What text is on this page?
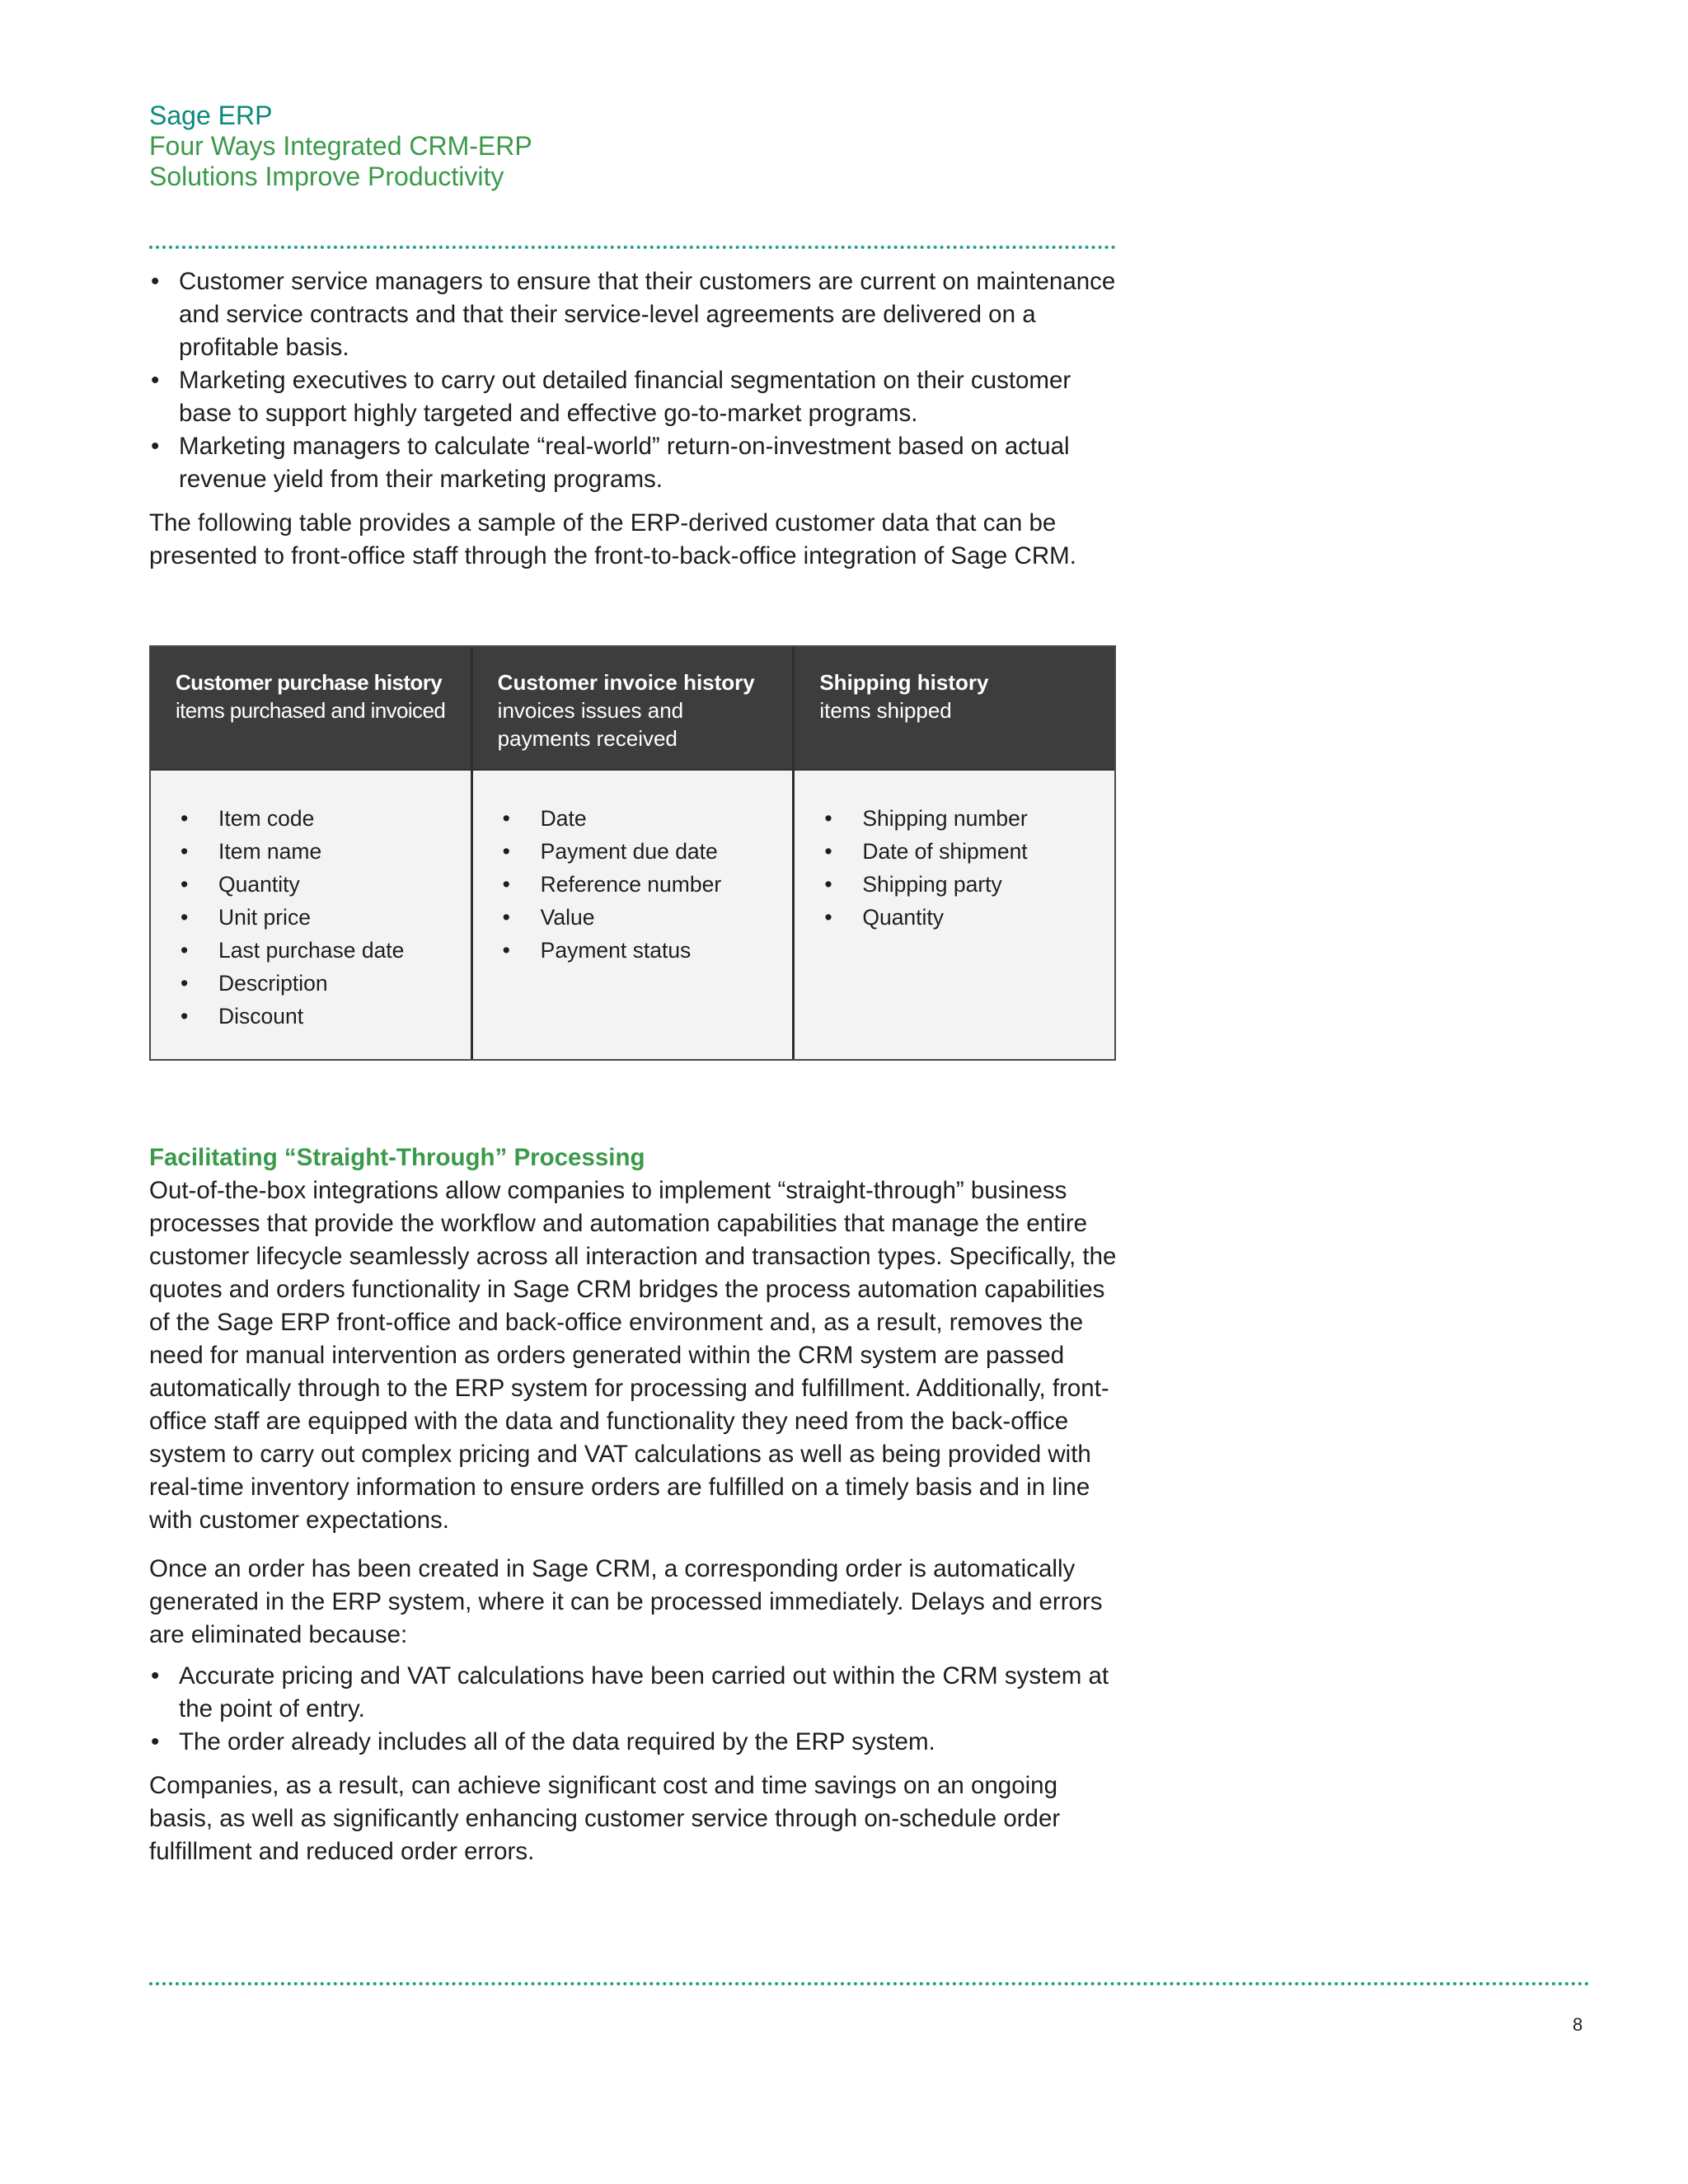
Sage ERP
Four Ways Integrated CRM-ERP
Solutions Improve Productivity
• Customer service managers to ensure that their customers are current on maintenance and service contracts and that their service-level agreements are delivered on a profitable basis.
• Marketing executives to carry out detailed financial segmentation on their customer base to support highly targeted and effective go-to-market programs.
• Marketing managers to calculate “real-world” return-on-investment based on actual revenue yield from their marketing programs.

The following table provides a sample of the ERP-derived customer data that can be presented to front-office staff through the front-to-back-office integration of Sage CRM.

Customer purchase history
items purchased and invoiced
• Item code
• Item name
• Quantity
• Unit price
• Last purchase date
• Description
• Discount
Customer invoice history
invoices issues and payments received
• Date
• Payment due date
• Reference number
• Value
• Payment status
Shipping history
items shipped
• Shipping number
• Date of shipment
• Shipping party
• Quantity
Facilitating “Straight-Through” Processing

Out-of-the-box integrations allow companies to implement “straight-through” business processes that provide the workflow and automation capabilities that manage the entire customer lifecycle seamlessly across all interaction and transaction types. Specifically, the quotes and orders functionality in Sage CRM bridges the process automation capabilities of the Sage ERP front-office and back-office environment and, as a result, removes the need for manual intervention as orders generated within the CRM system are passed automatically through to the ERP system for processing and fulfillment. Additionally, front-office staff are equipped with the data and functionality they need from the back-office system to carry out complex pricing and VAT calculations as well as being provided with real-time inventory information to ensure orders are fulfilled on a timely basis and in line with customer expectations.

Once an order has been created in Sage CRM, a corresponding order is automatically generated in the ERP system, where it can be processed immediately. Delays and errors are eliminated because:

• Accurate pricing and VAT calculations have been carried out within the CRM system at the point of entry.
• The order already includes all of the data required by the ERP system.

Companies, as a result, can achieve significant cost and time savings on an ongoing basis, as well as significantly enhancing customer service through on-schedule order fulfillment and reduced order errors.

8
